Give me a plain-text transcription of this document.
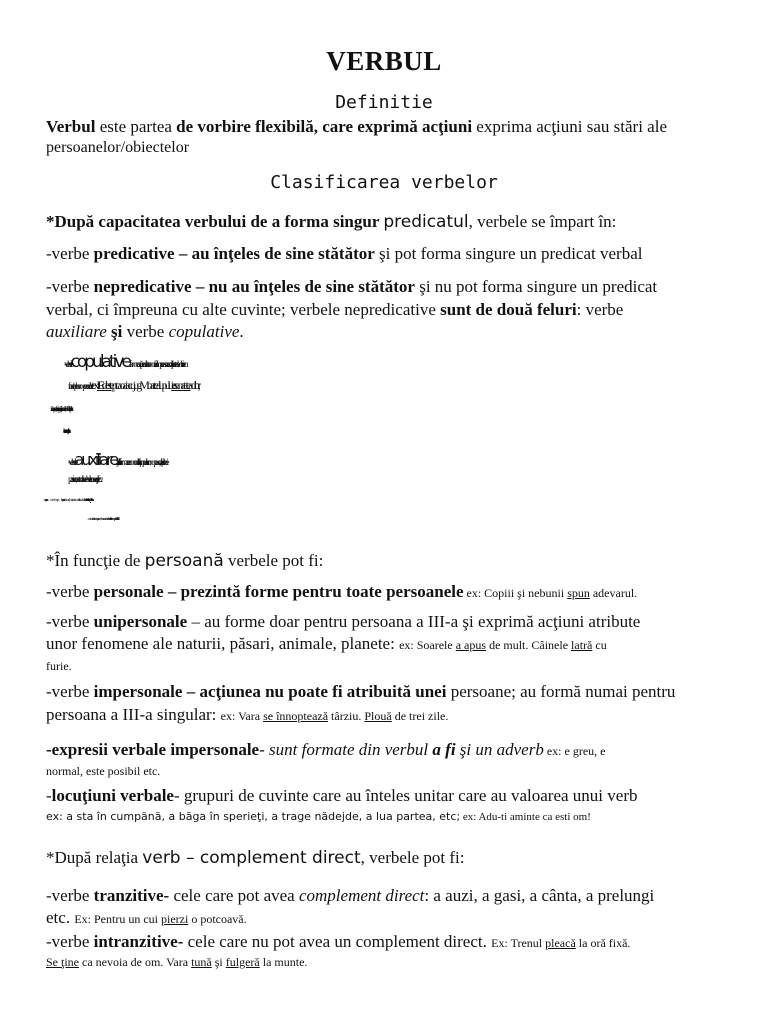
VERBUL
Definitie
Verbul este partea de vorbire flexibilă, care exprimă acţiuni exprima acţiuni sau stări ale
persoanelor/obiectelor
Clasificarea verbelor
*După capacitatea verbului de a forma singur predicatul, verbele se împart în:
-verbe predicative – au înţeles de sine stătător şi pot forma singure un predicat verbal
-verbe nepredicative – nu au înţeles de sine stătător şi nu pot forma singure un predicat
verbal, ci împreuna cu alte cuvinte; verbele nepredicative sunt de două feluri: verbe
auxiliare şi verbe copulative.
-verbele copulative-formează predicat nominal împreuna cu o altă parte de vorbire cu
funcţie de nume predicativex: E destept ca oaia cu jug. Moartea lupului e sanatatea oilor.;
-verbele auxiliare ajută la formarea modurilor şi timpurilor compuse, dar şi a diatezei
passive; sunt auxiliare verbele:-a avea, a fi, a vrea
Am
*În funcţie de persoană verbele pot fi:
-verbe personale – prezintă forme pentru toate persoanele ex: Copiii şi nebunii spun adevarul.
-verbe unipersonale – au forme doar pentru persoana a III-a şi exprimă acţiuni atribute
unor fenomene ale naturii, păsari, animale, planete: ex: Soarele a apus de mult. Câinele latră cu
furie.
-verbe impersonale – acţiunea nu poate fi atribuită unei persoane; au formă numai pentru
persoana a III-a singular: ex: Vara se înnoptează târziu. Plouă de trei zile.
-expresii verbale impersonale- sunt formate din verbul a fi şi un adverb ex: e greu, e
normal, este posibil etc.
-locuţiuni verbale- grupuri de cuvinte care au înteles unitar care au valoarea unui verb
ex: a sta în cumpănă, a băga în sperieţi, a trage nădejde, a lua partea, etc; ex: Adu-ti aminte ca esti om!
*După relaţia verb – complement direct, verbele pot fi:
-verbe tranzitive- cele care pot avea complement direct: a auzi, a gasi, a cânta, a prelungi
etc. Ex: Pentru un cui pierzi o potcoavă.
-verbe intranzitive- cele care nu pot avea un complement direct. Ex: Trenul pleacă la oră fixă.
Se ţine ca nevoia de om. Vara tună şi fulgeră la munte.
